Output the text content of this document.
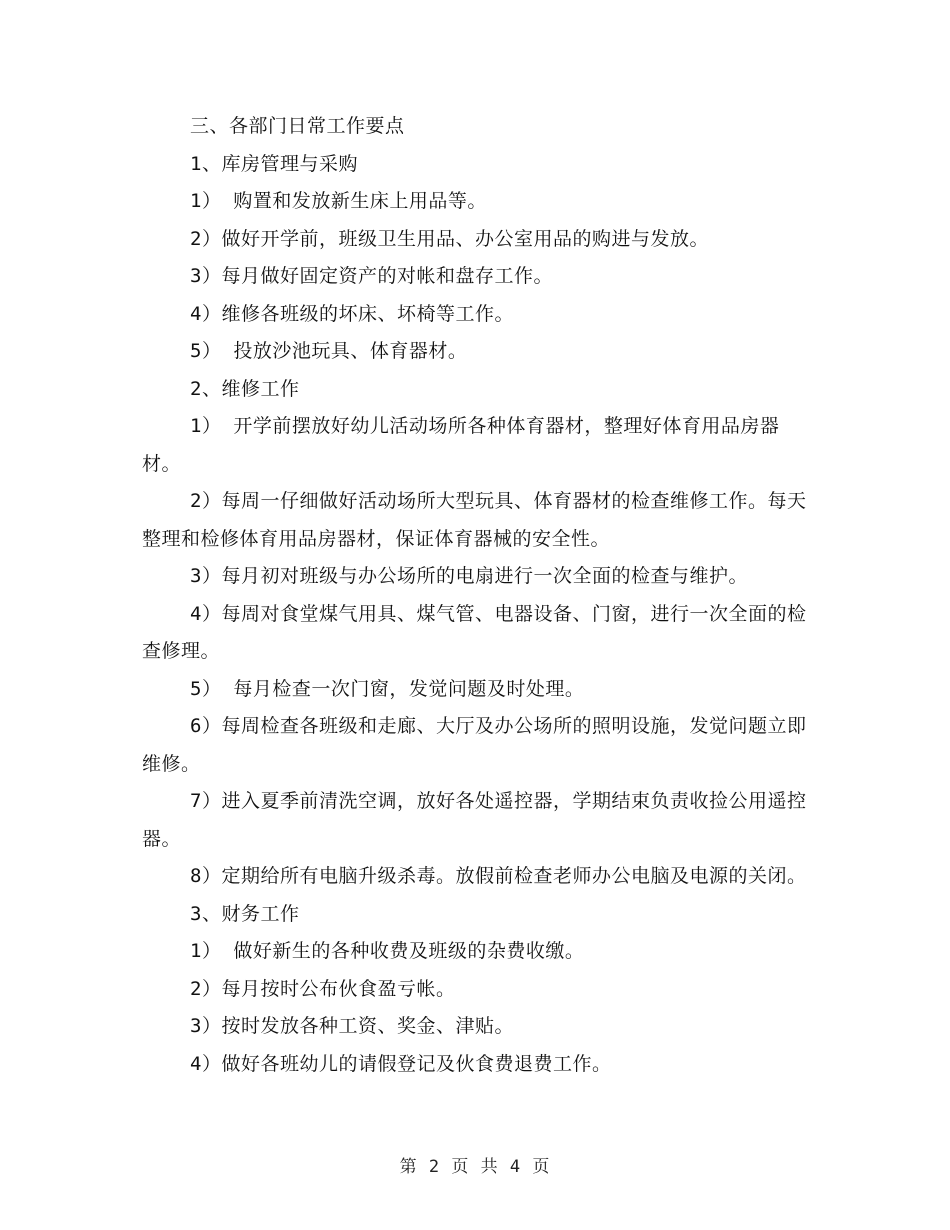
三、各部门日常工作要点

1、库房管理与采购

1） 购置和发放新生床上用品等。

2）做好开学前，班级卫生用品、办公室用品的购进与发放。

3）每月做好固定资产的对帐和盘存工作。

4）维修各班级的坏床、坏椅等工作。

5） 投放沙池玩具、体育器材。

2、维修工作

1） 开学前摆放好幼儿活动场所各种体育器材，整理好体育用品房器材。

2）每周一仔细做好活动场所大型玩具、体育器材的检查维修工作。每天整理和检修体育用品房器材，保证体育器械的安全性。

3）每月初对班级与办公场所的电扇进行一次全面的检查与维护。

4）每周对食堂煤气用具、煤气管、电器设备、门窗，进行一次全面的检查修理。

5） 每月检查一次门窗，发觉问题及时处理。

6）每周检查各班级和走廊、大厅及办公场所的照明设施，发觉问题立即维修。

7）进入夏季前清洗空调，放好各处遥控器，学期结束负责收捡公用遥控器。

8）定期给所有电脑升级杀毒。放假前检查老师办公电脑及电源的关闭。

3、财务工作

1） 做好新生的各种收费及班级的杂费收缴。

2）每月按时公布伙食盈亏帐。

3）按时发放各种工资、奖金、津贴。

4）做好各班幼儿的请假登记及伙食费退费工作。

第 2 页 共 4 页
